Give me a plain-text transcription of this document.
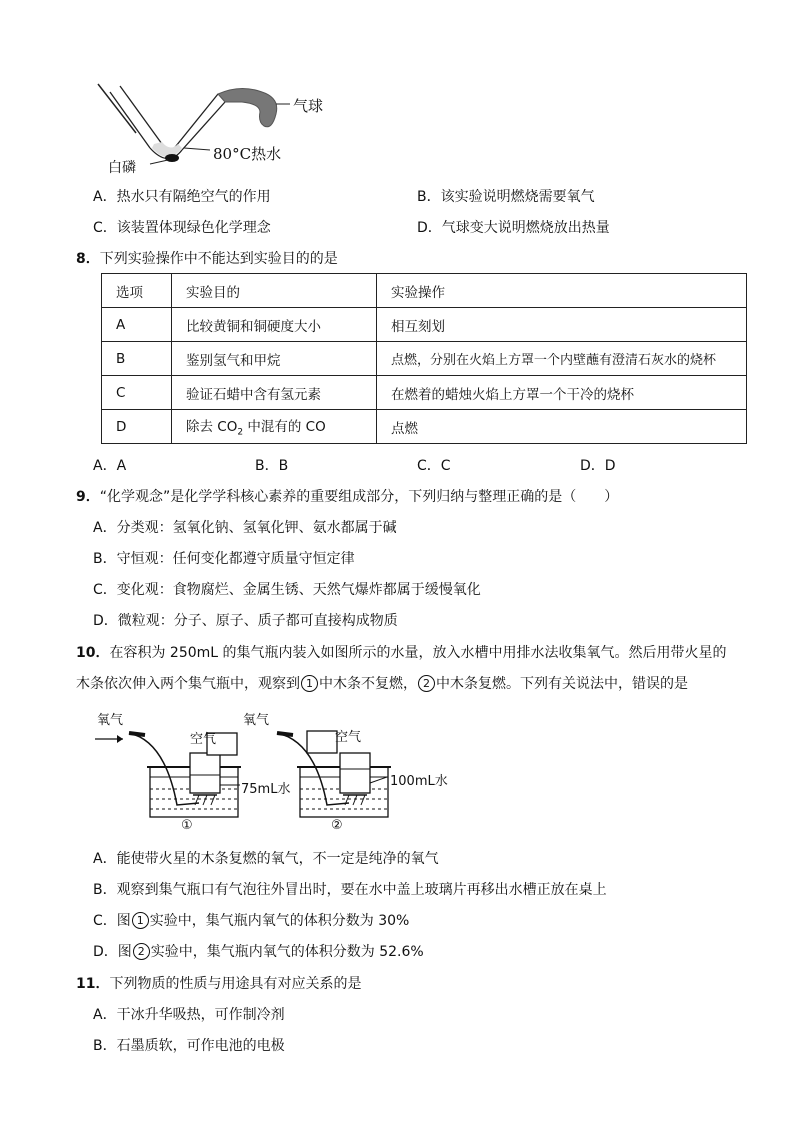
气球
白磷
80°C热水
A．热水只有隔绝空气的作用	B．该实验说明燃烧需要氧气
C．该装置体现绿色化学理念	D．气球变大说明燃烧放出热量
8．下列实验操作中不能达到实验目的的是
选项	实验目的	实验操作
A	比较黄铜和铜硬度大小	相互刻划
B	鉴别氢气和甲烷	点燃，分别在火焰上方罩一个内壁蘸有澄清石灰水的烧杯
C	验证石蜡中含有氢元素	在燃着的蜡烛火焰上方罩一个干冷的烧杯
D	除去 $CO_2$ 中混有的 CO	点燃
A．A	B．B	C．C	D．D
9．“化学观念”是化学学科核心素养的重要组成部分，下列归纳与整理正确的是（　　）
A．分类观：氢氧化钠、氢氧化钾、氨水都属于碱
B．守恒观：任何变化都遵守质量守恒定律
C．变化观：食物腐烂、金属生锈、天然气爆炸都属于缓慢氧化
D．微粒观：分子、原子、质子都可直接构成物质
10．在容积为 250mL 的集气瓶内装入如图所示的水量，放入水槽中用排水法收集氧气。然后用带火星的
木条依次伸入两个集气瓶中，观察到 1 中木条不复燃， 2 中木条复燃。下列有关说法中，错误的是
氧气	氧气
空气	空气
75mL水
100mL水
①	②
A．能使带火星的木条复燃的氧气，不一定是纯净的氧气
B．观察到集气瓶口有气泡往外冒出时，要在水中盖上玻璃片再移出水槽正放在桌上
C．图 1 实验中，集气瓶内氧气的体积分数为 30%
D．图 2 实验中，集气瓶内氧气的体积分数为 52.6%
11．下列物质的性质与用途具有对应关系的是
A．干冰升华吸热，可作制冷剂
B．石墨质软，可作电池的电极
